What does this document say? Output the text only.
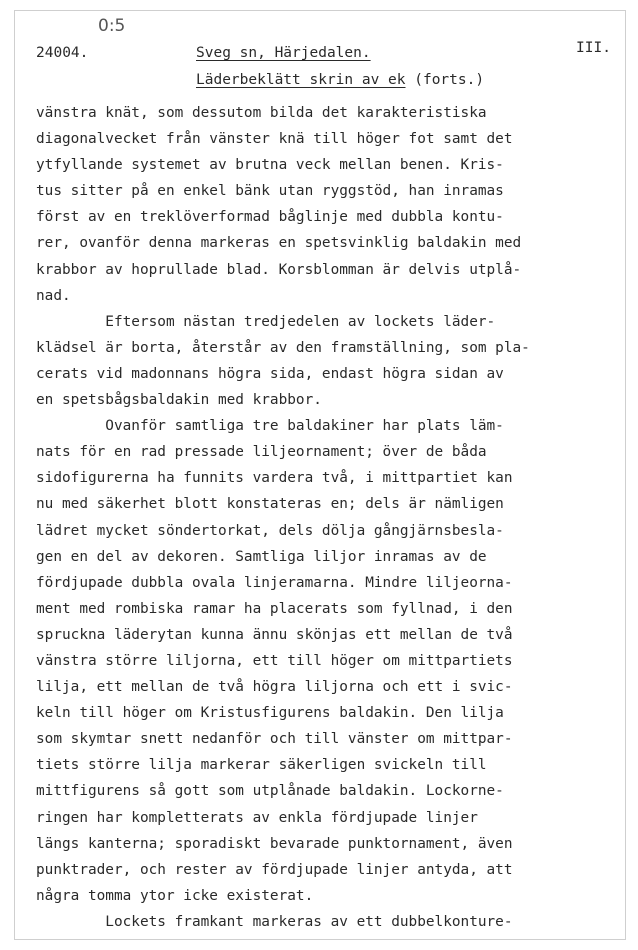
0:5
24004.	Sveg sn, Härjedalen.	III.
Läderbeklätt skrin av ek (forts.)
vänstra knät, som dessutom bilda det karakteristiska
diagonalvecket från vänster knä till höger fot samt det
ytfyllande systemet av brutna veck mellan benen. Kris-
tus sitter på en enkel bänk utan ryggstöd, han inramas
först av en treklöverformad båglinje med dubbla kontu-
rer, ovanför denna markeras en spetsvinklig baldakin med
krabbor av hoprullade blad. Korsblomman är delvis utplå-
nad.
Eftersom nästan tredjedelen av lockets läder-
klädsel är borta, återstår av den framställning, som pla-
cerats vid madonnans högra sida, endast högra sidan av
en spetsbågsbaldakin med krabbor.
Ovanför samtliga tre baldakiner har plats läm-
nats för en rad pressade liljeornament; över de båda
sidofigurerna ha funnits vardera två, i mittpartiet kan
nu med säkerhet blott konstateras en; dels är nämligen
lädret mycket söndertorkat, dels dölja gångjärnsbesla-
gen en del av dekoren. Samtliga liljor inramas av de
fördjupade dubbla ovala linjeramarna. Mindre liljeorna-
ment med rombiska ramar ha placerats som fyllnad, i den
spruckna läderytan kunna ännu skönjas ett mellan de två
vänstra större liljorna, ett till höger om mittpartiets
lilja, ett mellan de två högra liljorna och ett i svic-
keln till höger om Kristusfigurens baldakin. Den lilja
som skymtar snett nedanför och till vänster om mittpar-
tiets större lilja markerar säkerligen svickeln till
mittfigurens så gott som utplånade baldakin. Lockorne-
ringen har kompletterats av enkla fördjupade linjer
längs kanterna; sporadiskt bevarade punktornament, även
punktrader, och rester av fördjupade linjer antyda, att
några tomma ytor icke existerat.
Lockets framkant markeras av ett dubbelkonture-
